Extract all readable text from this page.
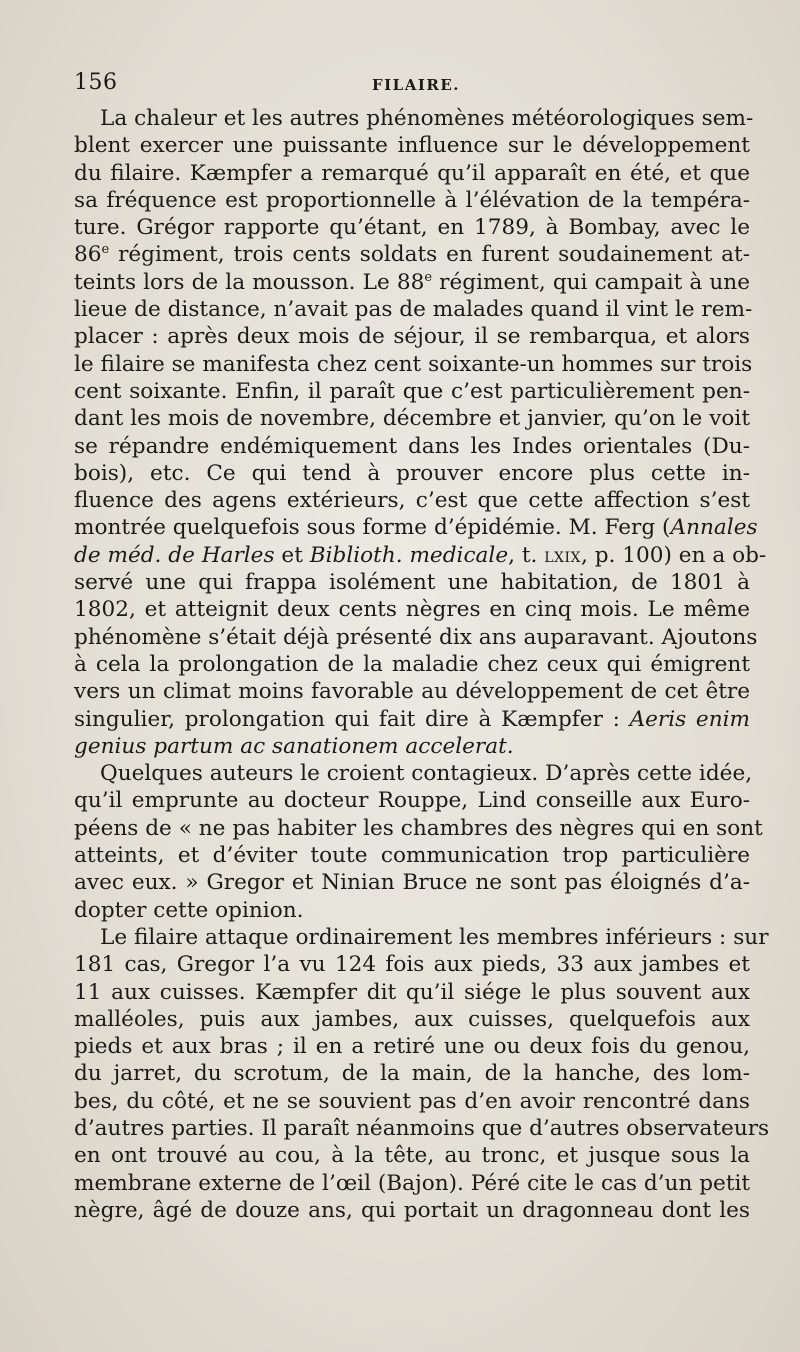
156	FILAIRE.
La chaleur et les autres phénomènes météorologiques sem-
blent exercer une puissante influence sur le développement
du filaire. Kæmpfer a remarqué qu’il apparaît en été, et que
sa fréquence est proportionnelle à l’élévation de la tempéra-
ture. Grégor rapporte qu’étant, en 1789, à Bombay, avec le
86e régiment, trois cents soldats en furent soudainement at-
teints lors de la mousson. Le 88e régiment, qui campait à une
lieue de distance, n’avait pas de malades quand il vint le rem-
placer : après deux mois de séjour, il se rembarqua, et alors
le filaire se manifesta chez cent soixante-un hommes sur trois
cent soixante. Enfin, il paraît que c’est particulièrement pen-
dant les mois de novembre, décembre et janvier, qu’on le voit
se répandre endémiquement dans les Indes orientales (Du-
bois), etc. Ce qui tend à prouver encore plus cette in-
fluence des agens extérieurs, c’est que cette affection s’est
montrée quelquefois sous forme d’épidémie. M. Ferg (Annales
de méd. de Harles et Biblioth. medicale, t. LXIX, p. 100) en a ob-
servé une qui frappa isolément une habitation, de 1801 à
1802, et atteignit deux cents nègres en cinq mois. Le même
phénomène s’était déjà présenté dix ans auparavant. Ajoutons
à cela la prolongation de la maladie chez ceux qui émigrent
vers un climat moins favorable au développement de cet être
singulier, prolongation qui fait dire à Kæmpfer : Aeris enim
genius partum ac sanationem accelerat.
Quelques auteurs le croient contagieux. D’après cette idée,
qu’il emprunte au docteur Rouppe, Lind conseille aux Euro-
péens de « ne pas habiter les chambres des nègres qui en sont
atteints, et d’éviter toute communication trop particulière
avec eux. » Gregor et Ninian Bruce ne sont pas éloignés d’a-
dopter cette opinion.
Le filaire attaque ordinairement les membres inférieurs : sur
181 cas, Gregor l’a vu 124 fois aux pieds, 33 aux jambes et
11 aux cuisses. Kæmpfer dit qu’il siége le plus souvent aux
malléoles, puis aux jambes, aux cuisses, quelquefois aux
pieds et aux bras ; il en a retiré une ou deux fois du genou,
du jarret, du scrotum, de la main, de la hanche, des lom-
bes, du côté, et ne se souvient pas d’en avoir rencontré dans
d’autres parties. Il paraît néanmoins que d’autres observateurs
en ont trouvé au cou, à la tête, au tronc, et jusque sous la
membrane externe de l’œil (Bajon). Péré cite le cas d’un petit
nègre, âgé de douze ans, qui portait un dragonneau dont les
